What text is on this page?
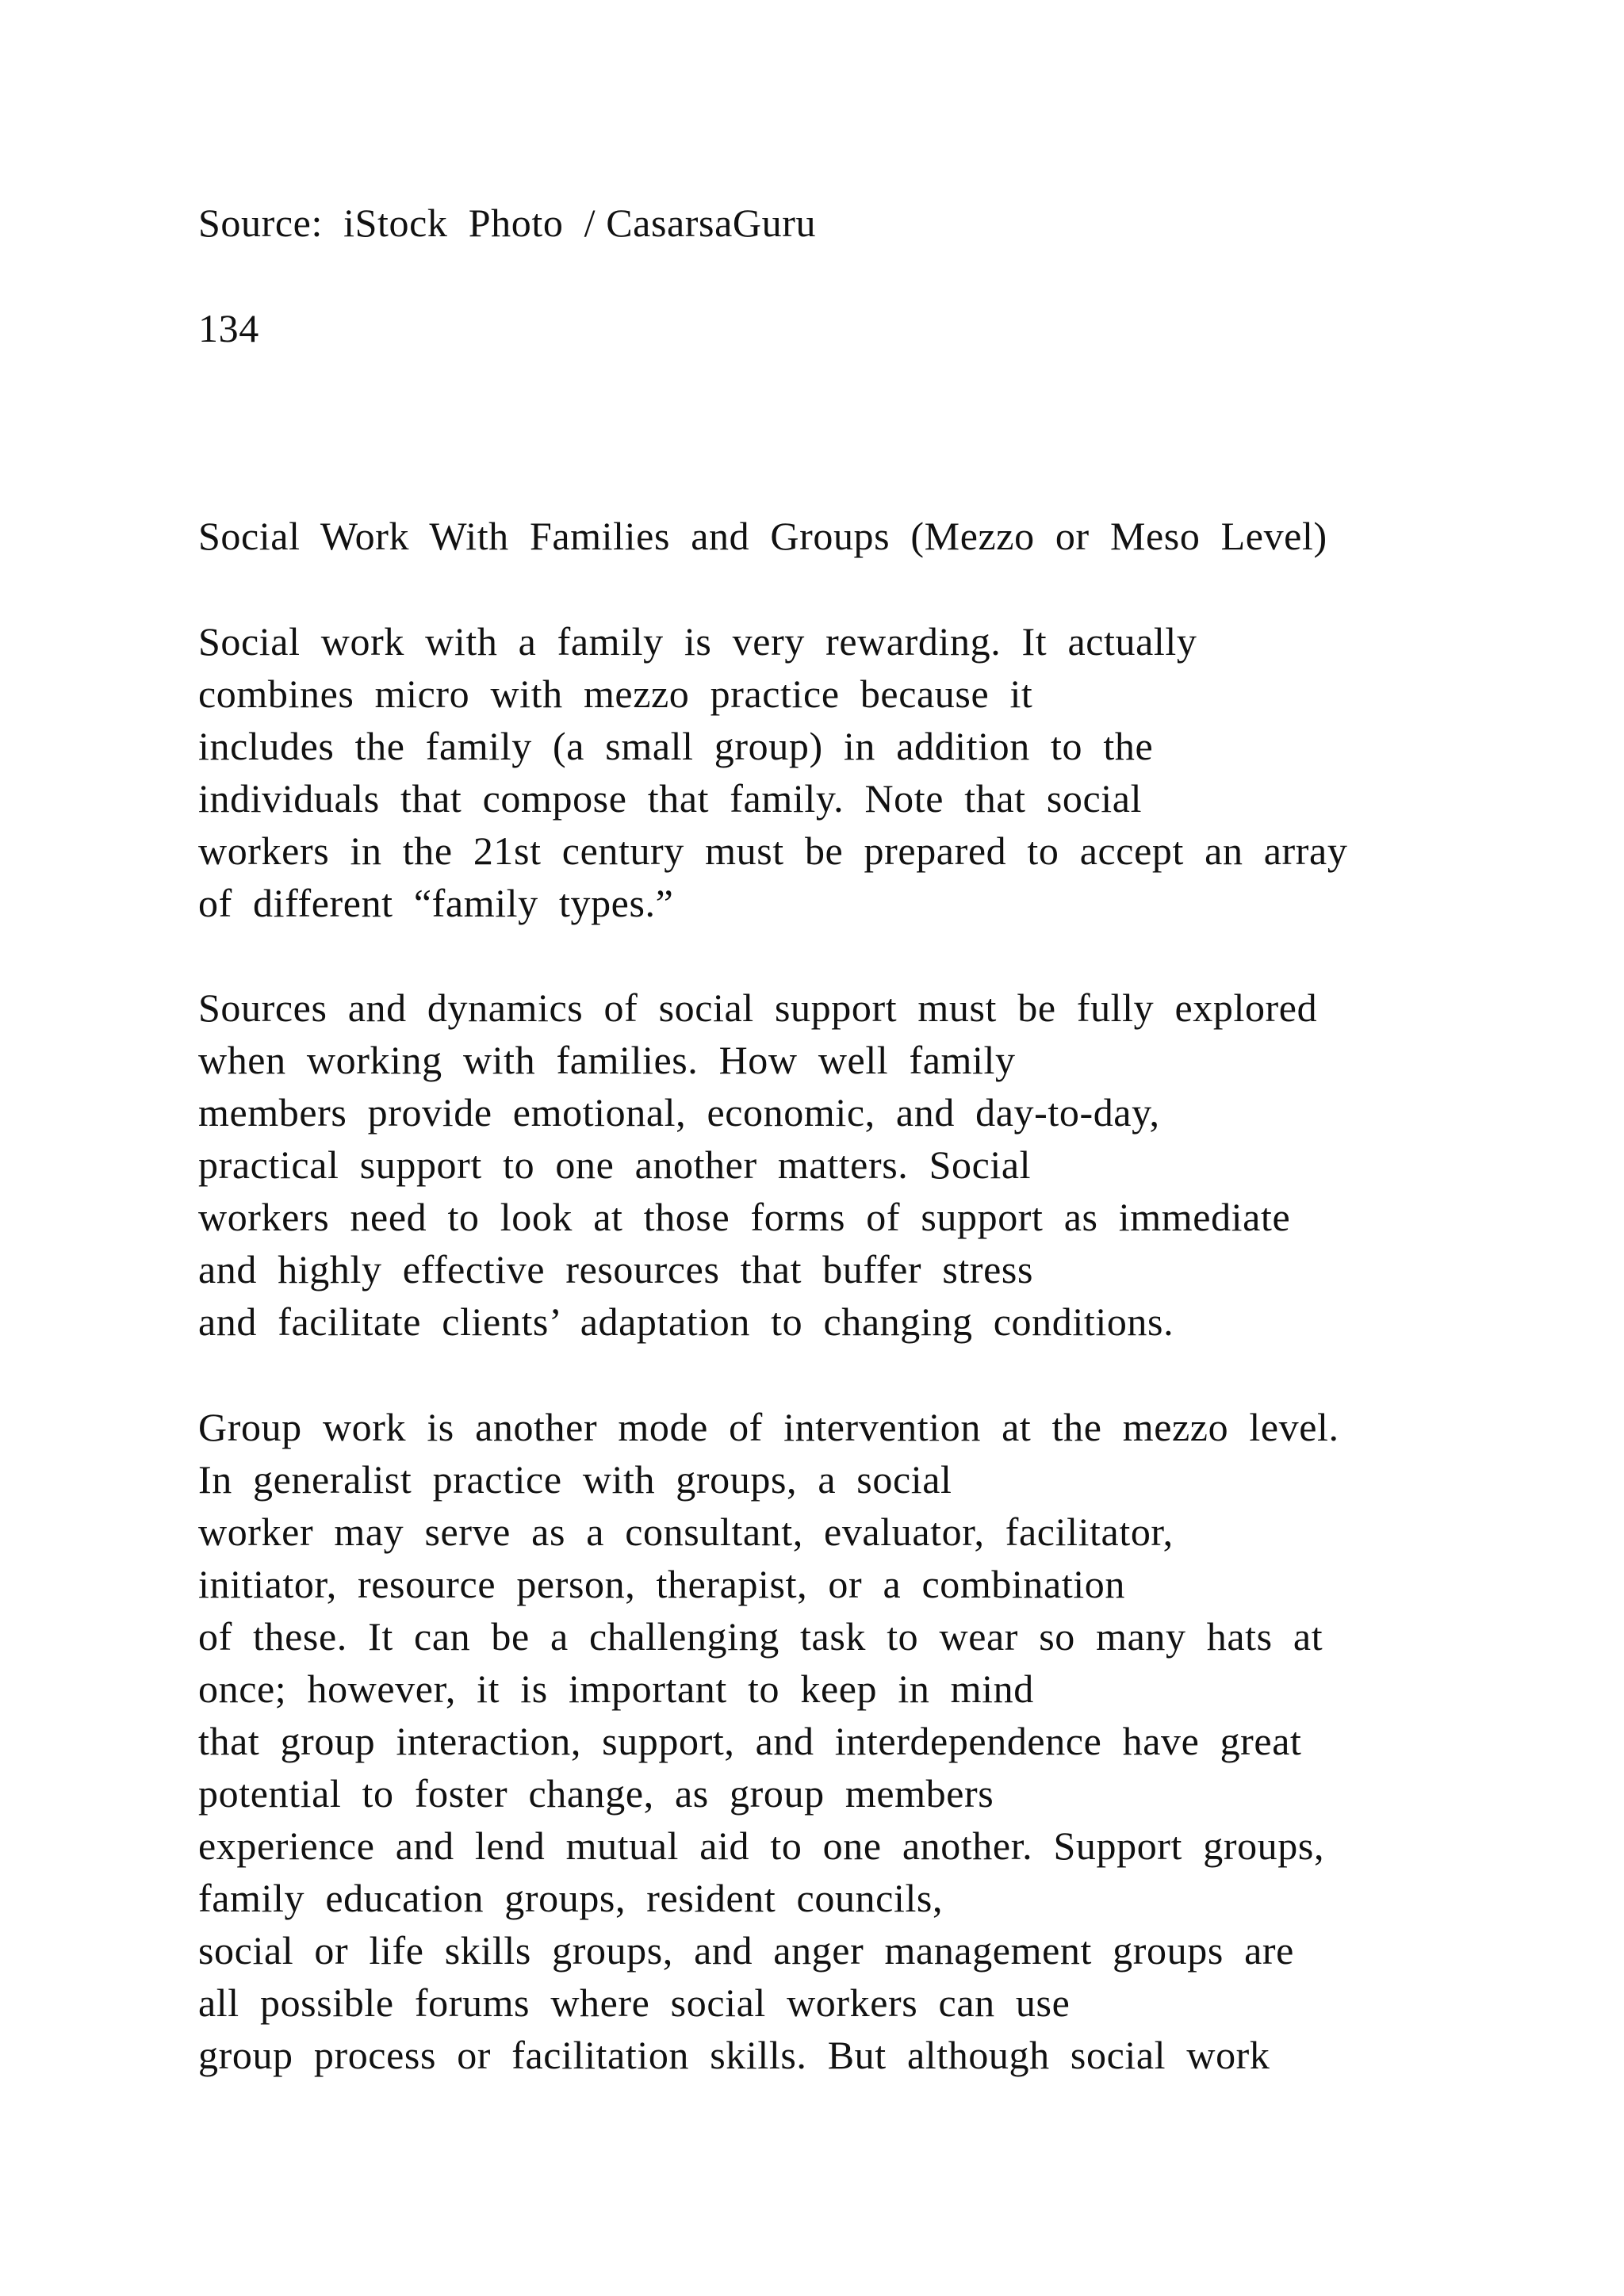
Source:  iStock  Photo  / CasarsaGuru
134
Social  Work  With  Families  and  Groups  (Mezzo  or  Meso  Level)
Social  work  with  a  family  is  very  rewarding.  It  actually
combines  micro  with  mezzo  practice  because  it
includes  the  family  (a  small  group)  in  addition  to  the
individuals  that  compose  that  family.  Note  that  social
workers  in  the  21st  century  must  be  prepared  to  accept  an  array
of  different  “family  types.”
Sources  and  dynamics  of  social  support  must  be  fully  explored
when  working  with  families.  How  well  family
members  provide  emotional,  economic,  and  day-to-day,
practical  support  to  one  another  matters.  Social
workers  need  to  look  at  those  forms  of  support  as  immediate
and  highly  effective  resources  that  buffer  stress
and  facilitate  clients’  adaptation  to  changing  conditions.
Group  work  is  another  mode  of  intervention  at  the  mezzo  level.
In  generalist  practice  with  groups,  a  social
worker  may  serve  as  a  consultant,  evaluator,  facilitator,
initiator,  resource  person,  therapist,  or  a  combination
of  these.  It  can  be  a  challenging  task  to  wear  so  many  hats  at
once;  however,  it  is  important  to  keep  in  mind
that  group  interaction,  support,  and  interdependence  have  great
potential  to  foster  change,  as  group  members
experience  and  lend  mutual  aid  to  one  another.  Support  groups,
family  education  groups,  resident  councils,
social  or  life  skills  groups,  and  anger  management  groups  are
all  possible  forums  where  social  workers  can  use
group  process  or  facilitation  skills.  But  although  social  work
